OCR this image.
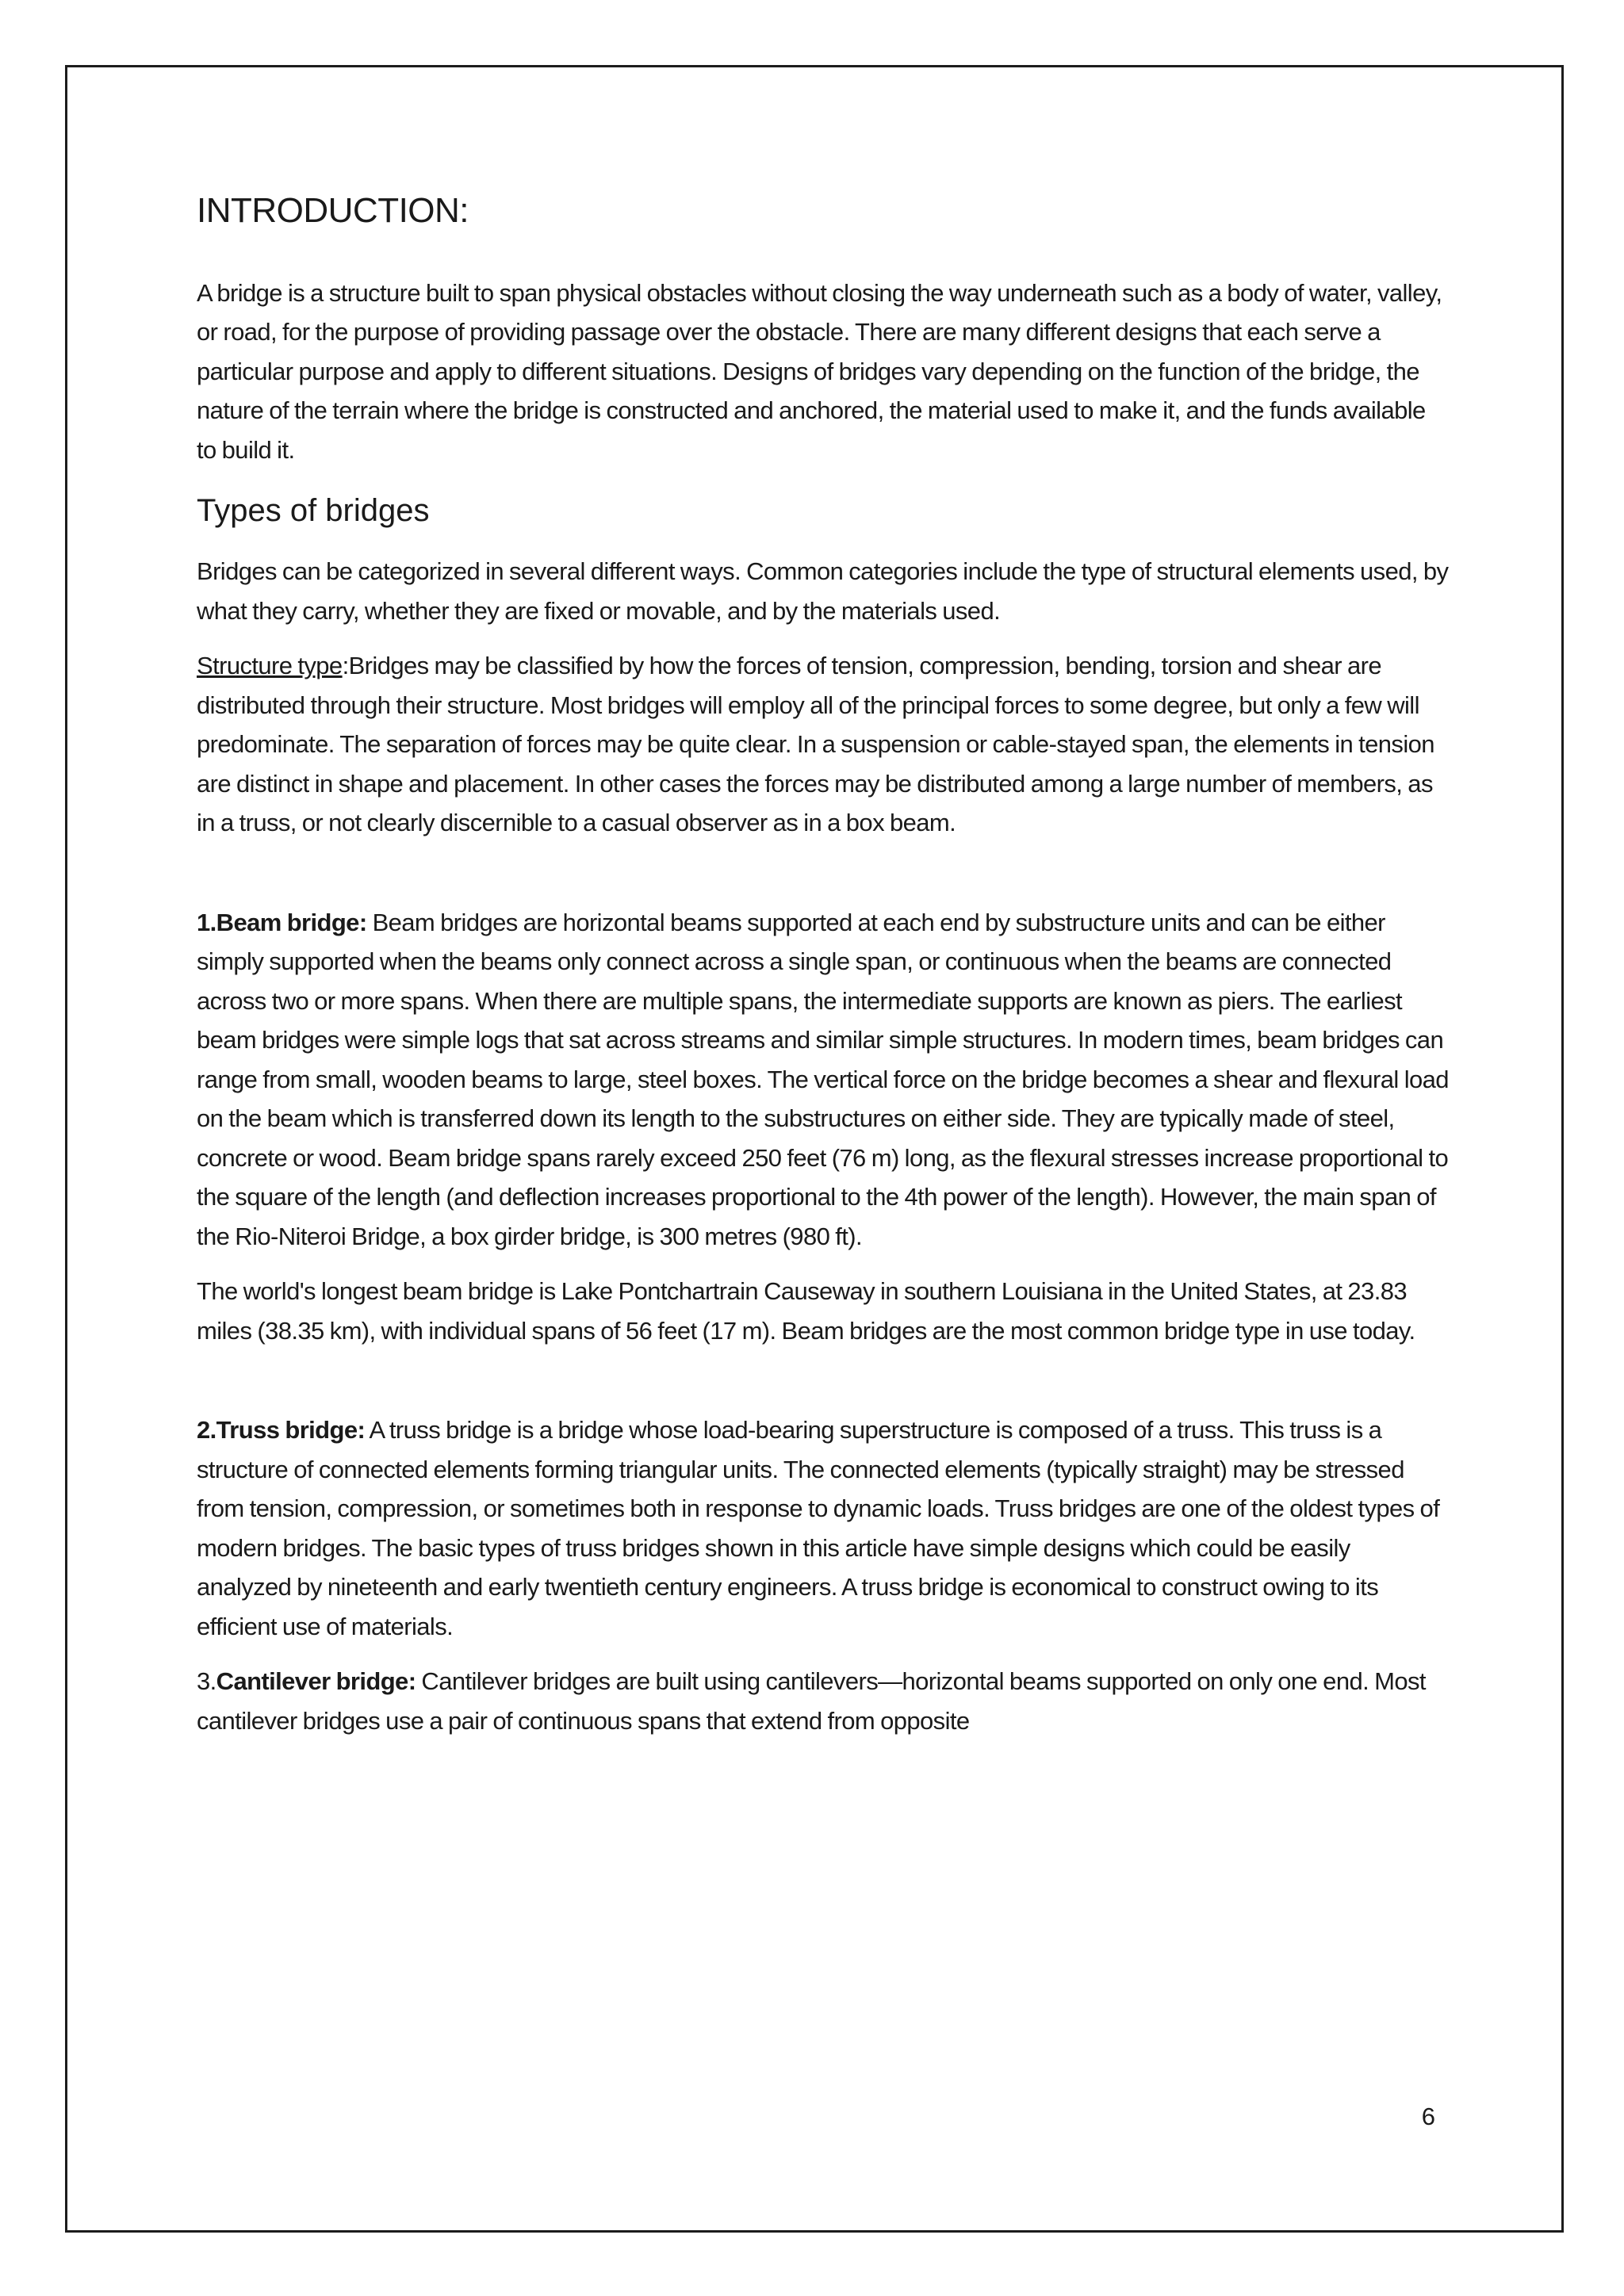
INTRODUCTION:

A bridge is a structure built to span physical obstacles without closing the way underneath such as a body of water, valley, or road, for the purpose of providing passage over the obstacle. There are many different designs that each serve a particular purpose and apply to different situations. Designs of bridges vary depending on the function of the bridge, the nature of the terrain where the bridge is constructed and anchored, the material used to make it, and the funds available to build it.

Types of bridges

Bridges can be categorized in several different ways. Common categories include the type of structural elements used, by what they carry, whether they are fixed or movable, and by the materials used.

Structure type:Bridges may be classified by how the forces of tension, compression, bending, torsion and shear are distributed through their structure. Most bridges will employ all of the principal forces to some degree, but only a few will predominate. The separation of forces may be quite clear. In a suspension or cable-stayed span, the elements in tension are distinct in shape and placement. In other cases the forces may be distributed among a large number of members, as in a truss, or not clearly discernible to a casual observer as in a box beam.

1.Beam bridge: Beam bridges are horizontal beams supported at each end by substructure units and can be either simply supported when the beams only connect across a single span, or continuous when the beams are connected across two or more spans. When there are multiple spans, the intermediate supports are known as piers. The earliest beam bridges were simple logs that sat across streams and similar simple structures. In modern times, beam bridges can range from small, wooden beams to large, steel boxes. The vertical force on the bridge becomes a shear and flexural load on the beam which is transferred down its length to the substructures on either side. They are typically made of steel, concrete or wood. Beam bridge spans rarely exceed 250 feet (76 m) long, as the flexural stresses increase proportional to the square of the length (and deflection increases proportional to the 4th power of the length). However, the main span of the Rio-Niteroi Bridge, a box girder bridge, is 300 metres (980 ft).

The world's longest beam bridge is Lake Pontchartrain Causeway in southern Louisiana in the United States, at 23.83 miles (38.35 km), with individual spans of 56 feet (17 m). Beam bridges are the most common bridge type in use today.

2.Truss bridge: A truss bridge is a bridge whose load-bearing superstructure is composed of a truss. This truss is a structure of connected elements forming triangular units. The connected elements (typically straight) may be stressed from tension, compression, or sometimes both in response to dynamic loads. Truss bridges are one of the oldest types of modern bridges. The basic types of truss bridges shown in this article have simple designs which could be easily analyzed by nineteenth and early twentieth century engineers. A truss bridge is economical to construct owing to its efficient use of materials.

3.Cantilever bridge: Cantilever bridges are built using cantilevers—horizontal beams supported on only one end. Most cantilever bridges use a pair of continuous spans that extend from opposite

6
